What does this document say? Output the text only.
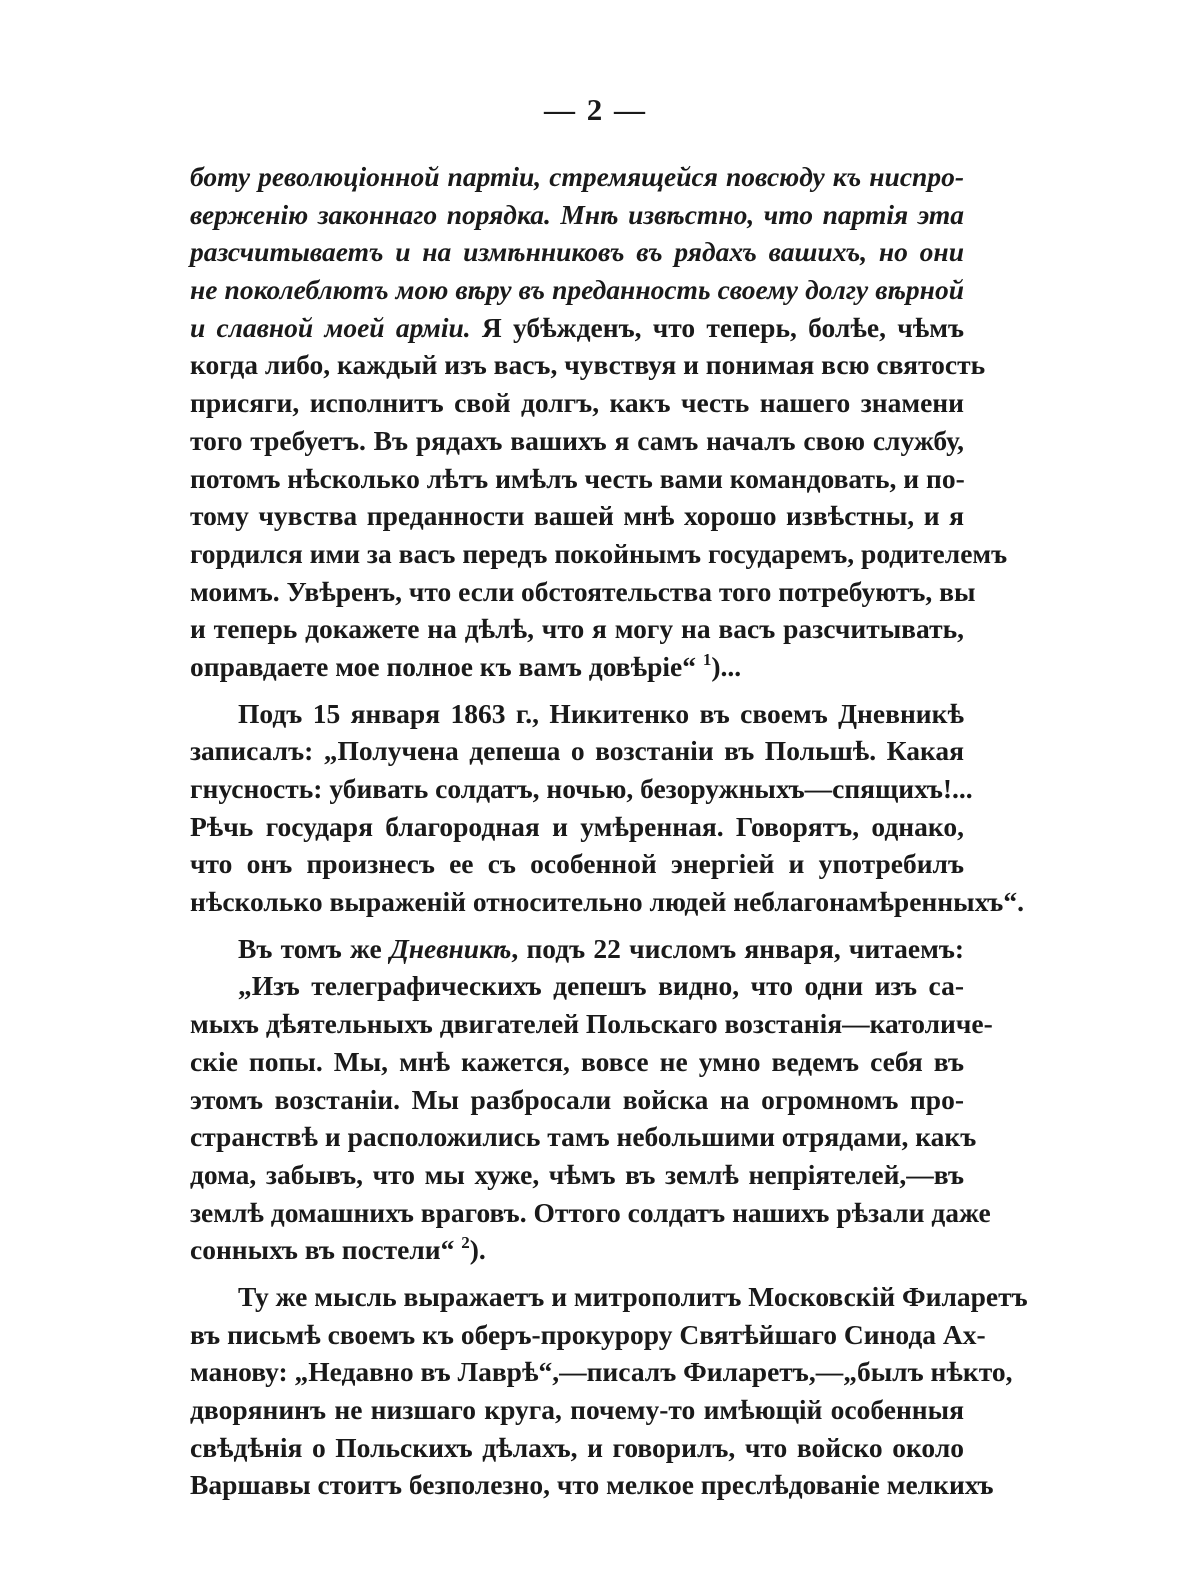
— 2 —
боту революціонной партіи, стремящейся повсюду къ ниспро-
верженію законнаго порядка. Мнѣ извѣстно, что партія эта
разсчитываетъ и на измѣнниковъ въ рядахъ вашихъ, но они
не поколеблютъ мою вѣру въ преданность своему долгу вѣрной
и славной моей арміи. Я убѣжденъ, что теперь, болѣе, чѣмъ
когда либо, каждый изъ васъ, чувствуя и понимая всю святость
присяги, исполнитъ свой долгъ, какъ честь нашего знамени
того требуетъ. Въ рядахъ вашихъ я самъ началъ свою службу,
потомъ нѣсколько лѣтъ имѣлъ честь вами командовать, и по-
тому чувства преданности вашей мнѣ хорошо извѣстны, и я
гордился ими за васъ передъ покойнымъ государемъ, родителемъ
моимъ. Увѣренъ, что если обстоятельства того потребуютъ, вы
и теперь докажете на дѣлѣ, что я могу на васъ разсчитывать,
оправдаете мое полное къ вамъ довѣріе“ $^1$)...
Подъ 15 января 1863 г., Никитенко въ своемъ Дневникѣ
записалъ: „Получена депеша о возстаніи въ Польшѣ. Какая
гнусность: убивать солдатъ, ночью, безоружныхъ—спящихъ!...
Рѣчь государя благородная и умѣренная. Говорятъ, однако,
что онъ произнесъ ее съ особенной энергіей и употребилъ
нѣсколько выраженій относительно людей неблагонамѣренныхъ“.
Въ томъ же Дневникѣ, подъ 22 числомъ января, читаемъ:
„Изъ телеграфическихъ депешъ видно, что одни изъ са-
мыхъ дѣятельныхъ двигателей Польскаго возстанія—католиче-
скіе попы. Мы, мнѣ кажется, вовсе не умно ведемъ себя въ
этомъ возстаніи. Мы разбросали войска на огромномъ про-
странствѣ и расположились тамъ небольшими отрядами, какъ
дома, забывъ, что мы хуже, чѣмъ въ землѣ непріятелей,—въ
землѣ домашнихъ враговъ. Оттого солдатъ нашихъ рѣзали даже
сонныхъ въ постели“ $^2$).
Ту же мысль выражаетъ и митрополитъ Московскій Филаретъ
въ письмѣ своемъ къ оберъ-прокурору Святѣйшаго Синода Ах-
манову: „Недавно въ Лаврѣ“,—писалъ Филаретъ,—„былъ нѣкто,
дворянинъ не низшаго круга, почему-то имѣющій особенныя
свѣдѣнія о Польскихъ дѣлахъ, и говорилъ, что войско около
Варшавы стоитъ безполезно, что мелкое преслѣдованіе мелкихъ
